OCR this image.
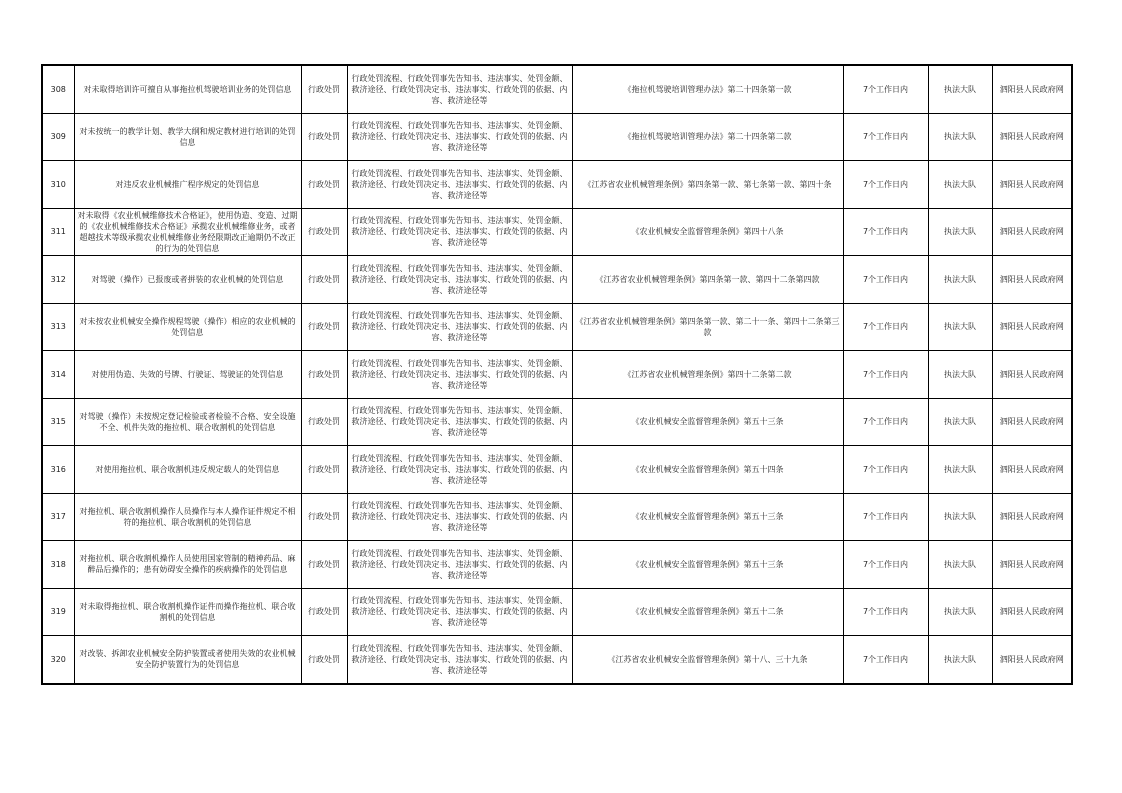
308	对未取得培训许可擅自从事拖拉机驾驶培训业务的处罚信息	行政处罚	行政处罚流程、行政处罚事先告知书、违法事实、处罚金额、救济途径、行政处罚决定书、违法事实、行政处罚的依据、内容、救济途径等	《拖拉机驾驶培训管理办法》第二十四条第一款	7个工作日内	执法大队	泗阳县人民政府网
309	对未按统一的教学计划、教学大纲和规定教材进行培训的处罚信息	行政处罚	行政处罚流程、行政处罚事先告知书、违法事实、处罚金额、救济途径、行政处罚决定书、违法事实、行政处罚的依据、内容、救济途径等	《拖拉机驾驶培训管理办法》第二十四条第二款	7个工作日内	执法大队	泗阳县人民政府网
310	对违反农业机械推广程序规定的处罚信息	行政处罚	行政处罚流程、行政处罚事先告知书、违法事实、处罚金额、救济途径、行政处罚决定书、违法事实、行政处罚的依据、内容、救济途径等	《江苏省农业机械管理条例》第四条第一款、第七条第一款、第四十条	7个工作日内	执法大队	泗阳县人民政府网
311	对未取得《农业机械维修技术合格证》，使用伪造、变造、过期的《农业机械维修技术合格证》承揽农业机械维修业务，或者超越技术等级承揽农业机械维修业务经限期改正逾期仍不改正的行为的处罚信息	行政处罚	行政处罚流程、行政处罚事先告知书、违法事实、处罚金额、救济途径、行政处罚决定书、违法事实、行政处罚的依据、内容、救济途径等	《农业机械安全监督管理条例》第四十八条	7个工作日内	执法大队	泗阳县人民政府网
312	对驾驶（操作）已报废或者拼装的农业机械的处罚信息	行政处罚	行政处罚流程、行政处罚事先告知书、违法事实、处罚金额、救济途径、行政处罚决定书、违法事实、行政处罚的依据、内容、救济途径等	《江苏省农业机械管理条例》第四条第一款、第四十二条第四款	7个工作日内	执法大队	泗阳县人民政府网
313	对未按农业机械安全操作规程驾驶（操作）相应的农业机械的处罚信息	行政处罚	行政处罚流程、行政处罚事先告知书、违法事实、处罚金额、救济途径、行政处罚决定书、违法事实、行政处罚的依据、内容、救济途径等	《江苏省农业机械管理条例》第四条第一款、第二十一条、第四十二条第三款	7个工作日内	执法大队	泗阳县人民政府网
314	对使用伪造、失效的号牌、行驶证、驾驶证的处罚信息	行政处罚	行政处罚流程、行政处罚事先告知书、违法事实、处罚金额、救济途径、行政处罚决定书、违法事实、行政处罚的依据、内容、救济途径等	《江苏省农业机械管理条例》第四十二条第二款	7个工作日内	执法大队	泗阳县人民政府网
315	对驾驶（操作）未按规定登记检验或者检验不合格、安全设施不全、机件失效的拖拉机、联合收割机的处罚信息	行政处罚	行政处罚流程、行政处罚事先告知书、违法事实、处罚金额、救济途径、行政处罚决定书、违法事实、行政处罚的依据、内容、救济途径等	《农业机械安全监督管理条例》第五十三条	7个工作日内	执法大队	泗阳县人民政府网
316	对使用拖拉机、联合收割机违反规定载人的处罚信息	行政处罚	行政处罚流程、行政处罚事先告知书、违法事实、处罚金额、救济途径、行政处罚决定书、违法事实、行政处罚的依据、内容、救济途径等	《农业机械安全监督管理条例》第五十四条	7个工作日内	执法大队	泗阳县人民政府网
317	对拖拉机、联合收割机操作人员操作与本人操作证件规定不相符的拖拉机、联合收割机的处罚信息	行政处罚	行政处罚流程、行政处罚事先告知书、违法事实、处罚金额、救济途径、行政处罚决定书、违法事实、行政处罚的依据、内容、救济途径等	《农业机械安全监督管理条例》第五十三条	7个工作日内	执法大队	泗阳县人民政府网
318	对拖拉机、联合收割机操作人员使用国家管制的精神药品、麻醉品后操作的；患有妨碍安全操作的疾病操作的处罚信息	行政处罚	行政处罚流程、行政处罚事先告知书、违法事实、处罚金额、救济途径、行政处罚决定书、违法事实、行政处罚的依据、内容、救济途径等	《农业机械安全监督管理条例》第五十三条	7个工作日内	执法大队	泗阳县人民政府网
319	对未取得拖拉机、联合收割机操作证件而操作拖拉机、联合收割机的处罚信息	行政处罚	行政处罚流程、行政处罚事先告知书、违法事实、处罚金额、救济途径、行政处罚决定书、违法事实、行政处罚的依据、内容、救济途径等	《农业机械安全监督管理条例》第五十二条	7个工作日内	执法大队	泗阳县人民政府网
320	对改装、拆卸农业机械安全防护装置或者使用失效的农业机械安全防护装置行为的处罚信息	行政处罚	行政处罚流程、行政处罚事先告知书、违法事实、处罚金额、救济途径、行政处罚决定书、违法事实、行政处罚的依据、内容、救济途径等	《江苏省农业机械安全监督管理条例》第十八、三十九条	7个工作日内	执法大队	泗阳县人民政府网
